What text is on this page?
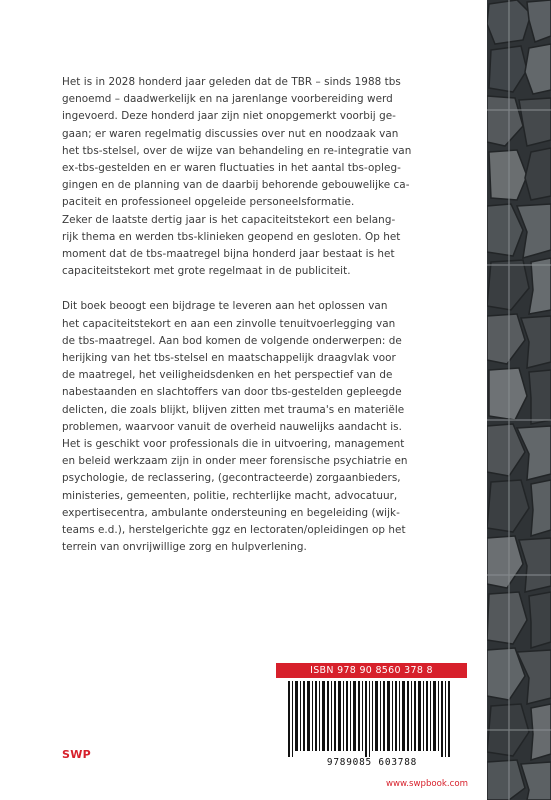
Het is in 2028 honderd jaar geleden dat de TBR – sinds 1988 tbs

genoemd – daadwerkelijk en na jarenlange voorbereiding werd

ingevoerd. Deze honderd jaar zijn niet onopgemerkt voorbij ge-

gaan; er waren regelmatig discussies over nut en noodzaak van

het tbs-stelsel, over de wijze van behandeling en re-integratie van

ex-tbs-gestelden en er waren fluctuaties in het aantal tbs-opleg-

gingen en de planning van de daarbij behorende gebouwelijke ca-

paciteit en professioneel opgeleide personeelsformatie.

Zeker de laatste dertig jaar is het capaciteitstekort een belang-

rijk thema en werden tbs-klinieken geopend en gesloten. Op het

moment dat de tbs-maatregel bijna honderd jaar bestaat is het

capaciteitstekort met grote regelmaat in de publiciteit.

Dit boek beoogt een bijdrage te leveren aan het oplossen van

het capaciteitstekort en aan een zinvolle tenuitvoerlegging van

de tbs-maatregel. Aan bod komen de volgende onderwerpen: de

herijking van het tbs-stelsel en maatschappelijk draagvlak voor

de maatregel, het veiligheidsdenken en het perspectief van de

nabestaanden en slachtoffers van door tbs-gestelden gepleegde

delicten, die zoals blijkt, blijven zitten met trauma's en materiële

problemen, waarvoor vanuit de overheid nauwelijks aandacht is.

Het is geschikt voor professionals die in uitvoering, management

en beleid werkzaam zijn in onder meer forensische psychiatrie en

psychologie, de reclassering, (gecontracteerde) zorgaanbieders,

ministeries, gemeenten, politie, rechterlijke macht, advocatuur,

expertisecentra, ambulante ondersteuning en begeleiding (wijk-

teams e.d.), herstelgerichte ggz en lectoraten/opleidingen op het

terrein van onvrijwillige zorg en hulpverlening.

ISBN 978 90 8560 378 8
9789085 603788
SWP
www.swpbook.com
